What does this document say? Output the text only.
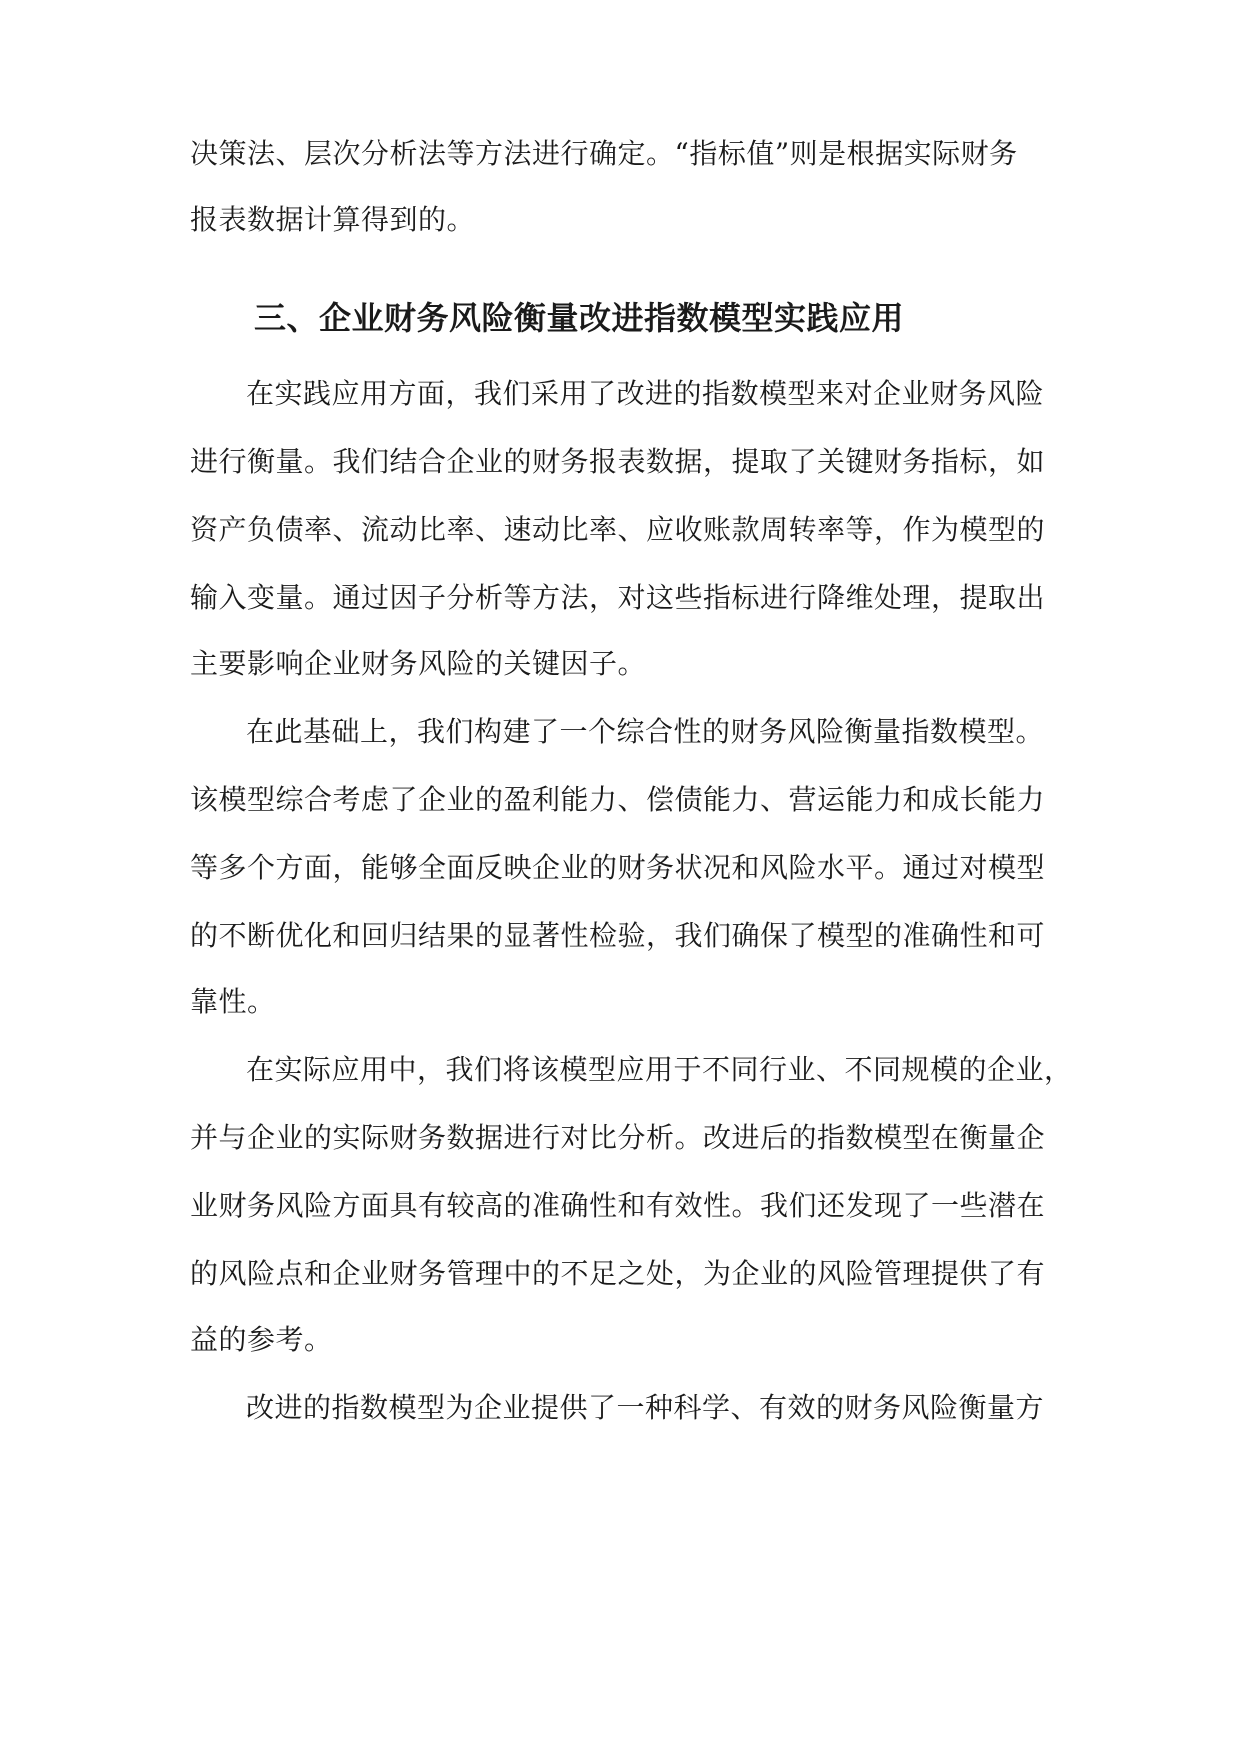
决策法、层次分析法等方法进行确定。“指标值”则是根据实际财务
报表数据计算得到的。
三、企业财务风险衡量改进指数模型实践应用
在实践应用方面，我们采用了改进的指数模型来对企业财务风险
进行衡量。我们结合企业的财务报表数据，提取了关键财务指标，如
资产负债率、流动比率、速动比率、应收账款周转率等，作为模型的
输入变量。通过因子分析等方法，对这些指标进行降维处理，提取出
主要影响企业财务风险的关键因子。
在此基础上，我们构建了一个综合性的财务风险衡量指数模型。
该模型综合考虑了企业的盈利能力、偿债能力、营运能力和成长能力
等多个方面，能够全面反映企业的财务状况和风险水平。通过对模型
的不断优化和回归结果的显著性检验，我们确保了模型的准确性和可
靠性。
在实际应用中，我们将该模型应用于不同行业、不同规模的企业，
并与企业的实际财务数据进行对比分析。改进后的指数模型在衡量企
业财务风险方面具有较高的准确性和有效性。我们还发现了一些潜在
的风险点和企业财务管理中的不足之处，为企业的风险管理提供了有
益的参考。
改进的指数模型为企业提供了一种科学、有效的财务风险衡量方
